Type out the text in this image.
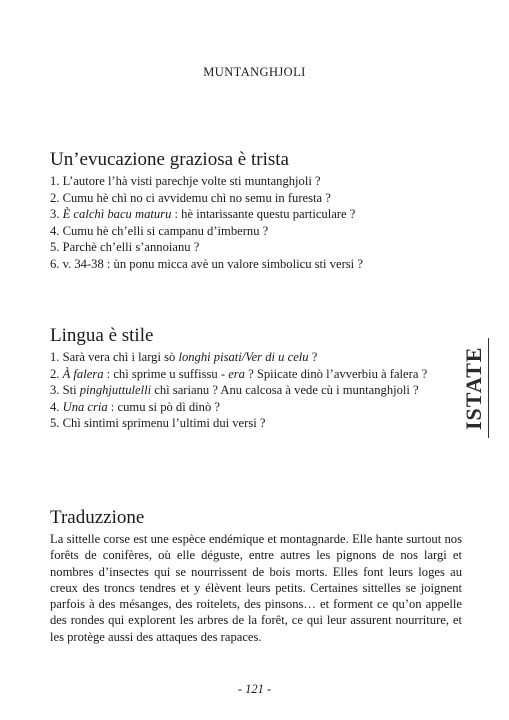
MUNTANGHJOLI
Un’evucazione graziosa è trista
1. L’autore l’hà visti parechje volte sti muntanghjoli ?
2. Cumu hè chì no ci avvidemu chì no semu in furesta ?
3. È calchì bacu maturu : hè intarissante questu particulare ?
4. Cumu hè ch’elli si campanu d’imbernu ?
5. Parchè ch’elli s’annoianu ?
6. v. 34-38 : ùn ponu micca avè un valore simbolicu sti versi ?
Lingua è stile
1. Sarà vera chì i largi sò longhi pisati/Ver di u celu ?
2. À falera : chì sprime u suffissu - era ? Spiicate dinò l’avverbiu à falera ?
3. Sti pinghjuttulelli chì sarianu ? Anu calcosa à vede cù i muntanghjoli ?
4. Una cria : cumu si pò dì dinò ?
5. Chì sintimi sprimenu l’ultimi dui versi ?	ISTATE
Traduzzione

La sittelle corse est une espèce endémique et montagnarde. Elle hante surtout nos forêts de conifères, où elle déguste, entre autres les pignons de nos largi et nombres d’insectes qui se nourrissent de bois morts. Elles font leurs loges au creux des troncs tendres et y élèvent leurs petits. Certaines sittelles se joignent parfois à des mésanges, des roitelets, des pinsons… et forment ce qu’on appelle des rondes qui explorent les arbres de la forêt, ce qui leur assurent nourriture, et les protège aussi des attaques des rapaces.

- 121 -
